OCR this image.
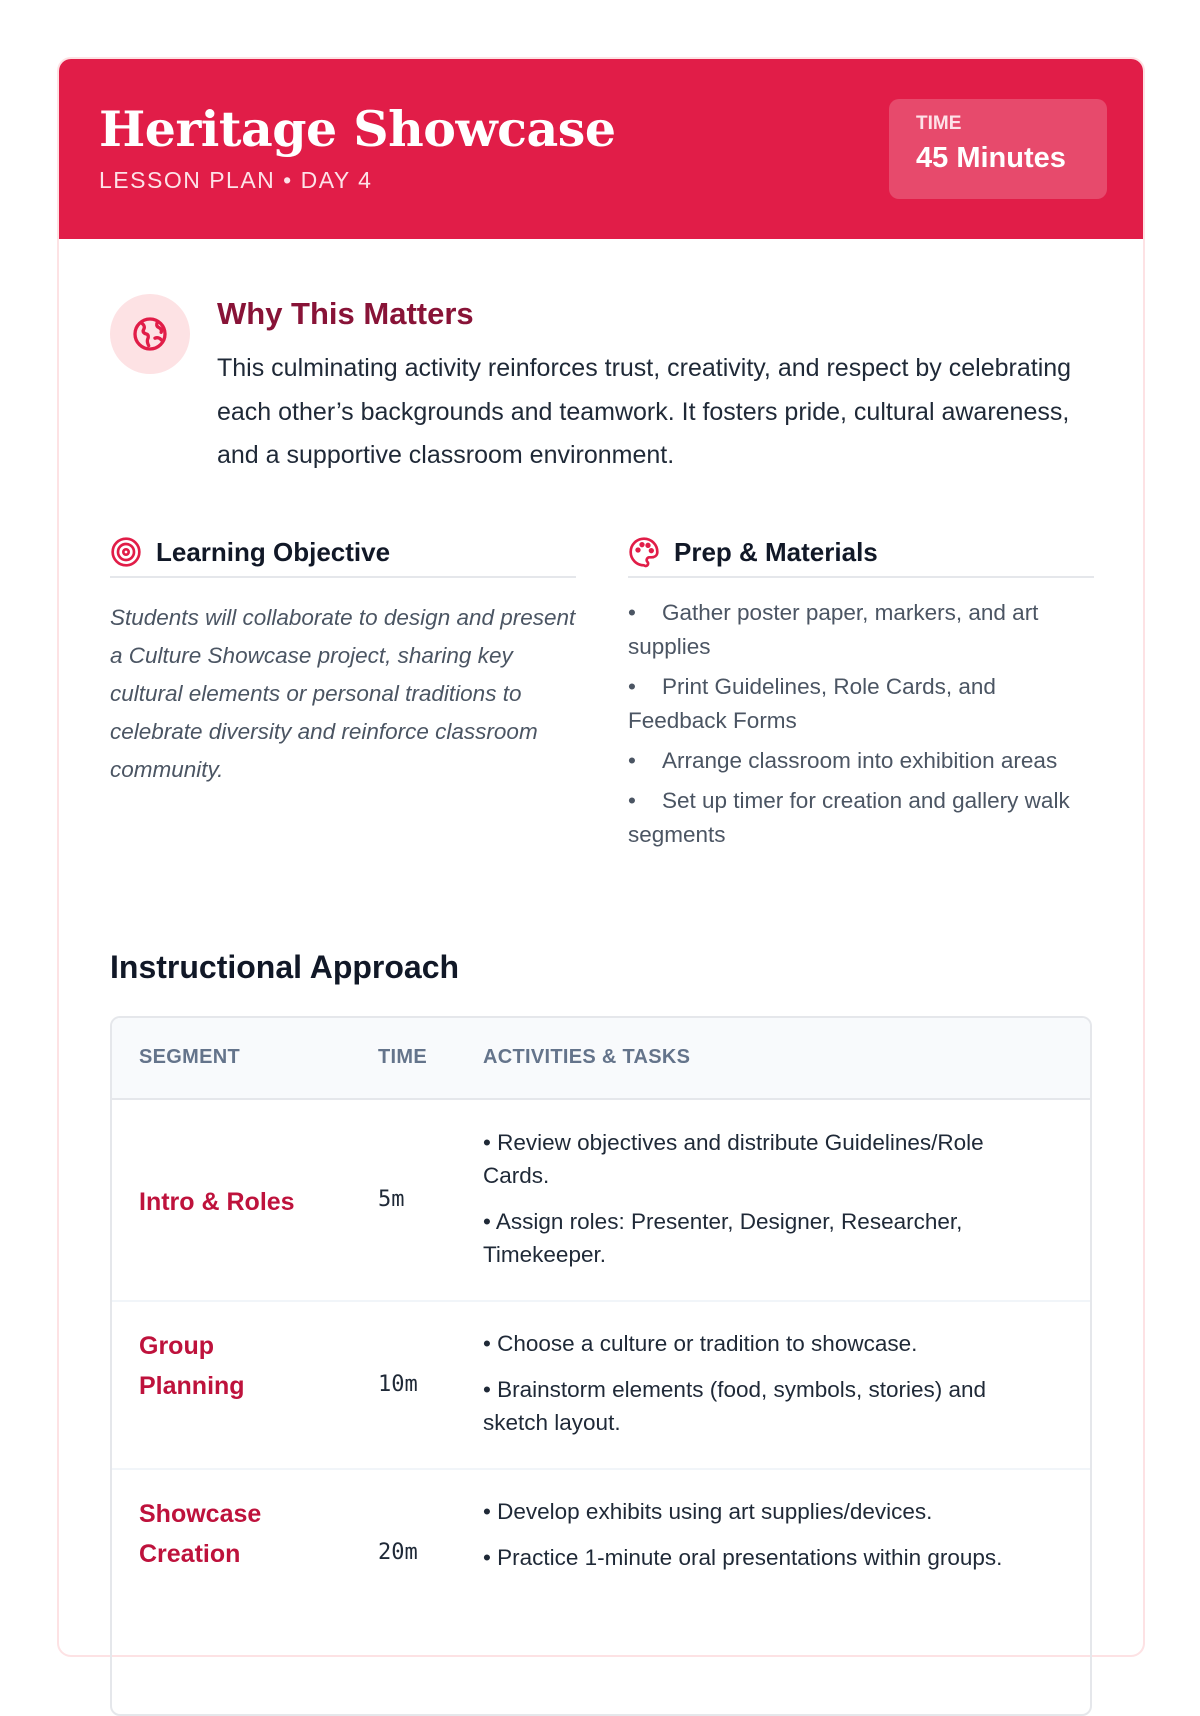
Heritage Showcase
LESSON PLAN • DAY 4
TIME
45 Minutes
Why This Matters
This culminating activity reinforces trust, creativity, and respect by celebrating each other’s backgrounds and teamwork. It fosters pride, cultural awareness, and a supportive classroom environment.
Learning Objective
Students will collaborate to design and present a Culture Showcase project, sharing key cultural elements or personal traditions to celebrate diversity and reinforce classroom community.
Prep & Materials
• Gather poster paper, markers, and art supplies
• Print Guidelines, Role Cards, and Feedback Forms
• Arrange classroom into exhibition areas
• Set up timer for creation and gallery walk segments
Instructional Approach
SEGMENT	TIME	ACTIVITIES & TASKS
Intro & Roles	5m

• Review objectives and distribute Guidelines/Role Cards.

• Assign roles: Presenter, Designer, Researcher, Timekeeper.

Group Planning	10m

• Choose a culture or tradition to showcase.

• Brainstorm elements (food, symbols, stories) and sketch layout.

Showcase Creation	20m

• Develop exhibits using art supplies/devices.

• Practice 1-minute oral presentations within groups.
